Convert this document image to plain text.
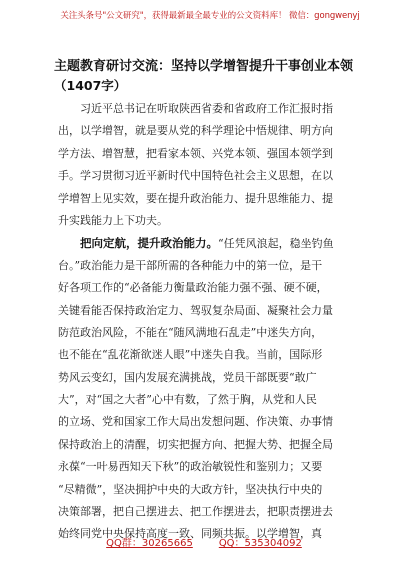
关注头条号"公文研究"，获得最新最全最专业的公文资料库！ 微信：gongwenyj
主题教育研讨交流：坚持以学增智提升干事创业本领
（1407字）
习近平总书记在听取陕西省委和省政府工作汇报时指
出，以学增智，就是要从党的科学理论中悟规律、明方向
学方法、增智慧，把看家本领、兴党本领、强国本领学到
手。学习贯彻习近平新时代中国特色社会主义思想，在以
学增智上见实效，要在提升政治能力、提升思维能力、提
升实践能力上下功夫。
把向定航，提升政治能力。“任凭风浪起，稳坐钓鱼
台。”政治能力是干部所需的各种能力中的第一位，是干
好各项工作的“必备能力衡量政治能力强不强、硬不硬，
关键看能否保持政治定力、驾驭复杂局面、凝聚社会力量
防范政治风险，不能在“随风满地石乱走”中迷失方向，
也不能在“乱花渐欲迷人眼”中迷失自我。当前，国际形
势风云变幻，国内发展充满挑战，党员干部既要“敢广
大”，对“国之大者”心中有数，了然于胸，从党和人民
的立场、党和国家工作大局出发想问题、作决策、办事情
保持政治上的清醒，切实把握方向、把握大势、把握全局
永葆“一叶易西知天下秋”的政治敏锐性和鉴别力；又要
“尽精微”，坚决拥护中央的大政方针，坚决执行中央的
决策部署，把自己摆进去、把工作摆进去，把职责摆进去
始终同党中央保持高度一致、同频共振。以学增智，真
QQ群：30265665	QQ：535304092
